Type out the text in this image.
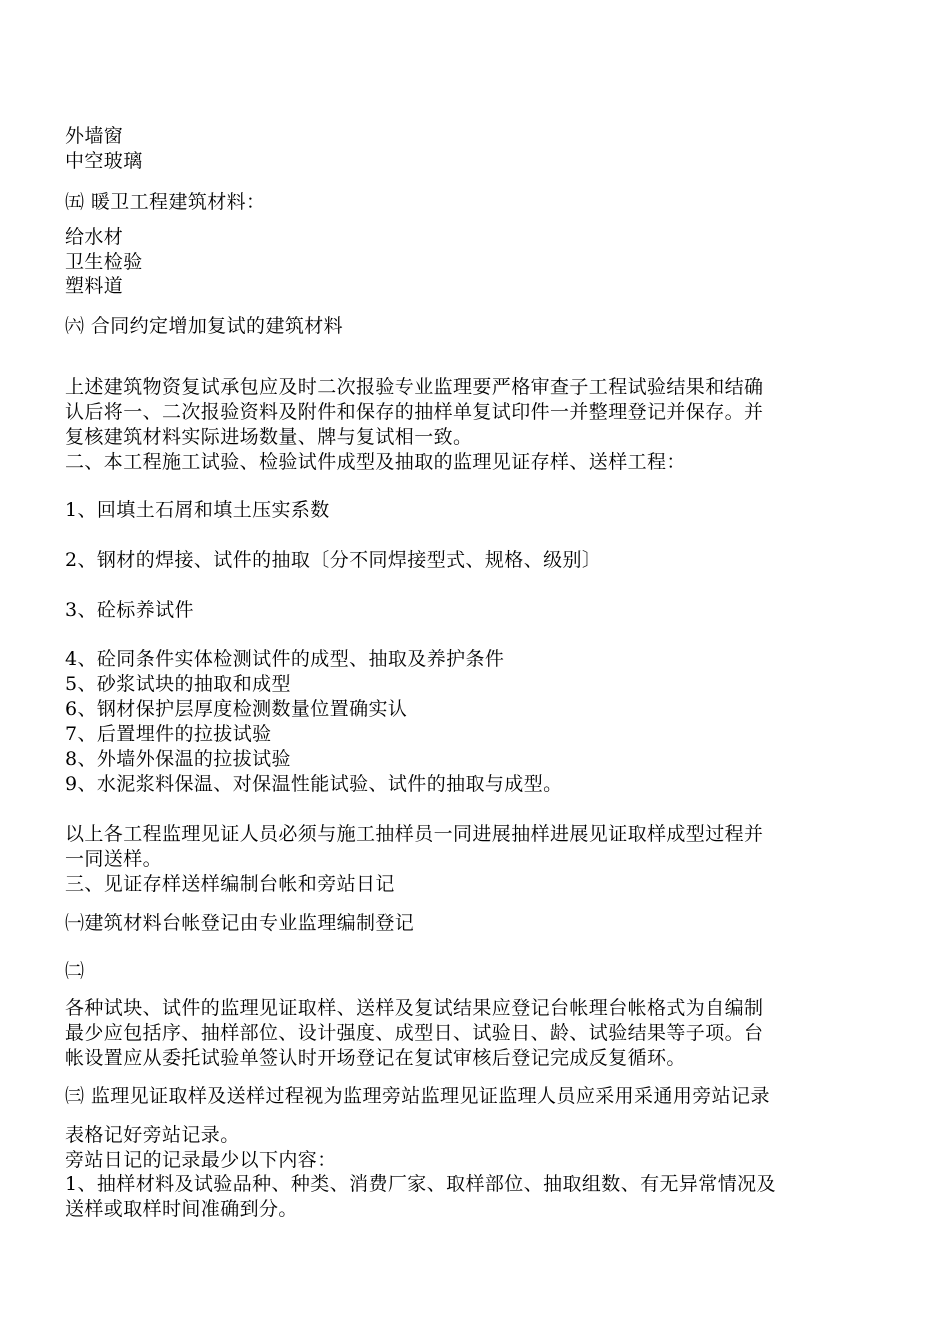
外墙窗
中空玻璃
㈤ 暖卫工程建筑材料：
给水材
卫生检验
塑料道
㈥ 合同约定增加复试的建筑材料
上述建筑物资复试承包应及时二次报验专业监理要严格审查子工程试验结果和结确
认后将一、二次报验资料及附件和保存的抽样单复试印件一并整理登记并保存。并
复核建筑材料实际进场数量、牌与复试相一致。
二、本工程施工试验、检验试件成型及抽取的监理见证存样、送样工程：
1、回填土石屑和填土压实系数
2、钢材的焊接、试件的抽取〔分不同焊接型式、规格、级别〕
3、砼标养试件
4、砼同条件实体检测试件的成型、抽取及养护条件
5、砂浆试块的抽取和成型
6、钢材保护层厚度检测数量位置确实认
7、后置埋件的拉拔试验
8、外墙外保温的拉拔试验
9、水泥浆料保温、对保温性能试验、试件的抽取与成型。
以上各工程监理见证人员必须与施工抽样员一同进展抽样进展见证取样成型过程并
一同送样。
三、见证存样送样编制台帐和旁站日记
㈠建筑材料台帐登记由专业监理编制登记
㈡
各种试块、试件的监理见证取样、送样及复试结果应登记台帐理台帐格式为自编制
最少应包括序、抽样部位、设计强度、成型日、试验日、龄、试验结果等子项。台
帐设置应从委托试验单签认时开场登记在复试审核后登记完成反复循环。
㈢ 监理见证取样及送样过程视为监理旁站监理见证监理人员应采用采通用旁站记录
表格记好旁站记录。
旁站日记的记录最少以下内容：
1、抽样材料及试验品种、种类、消费厂家、取样部位、抽取组数、有无异常情况及
送样或取样时间准确到分。
